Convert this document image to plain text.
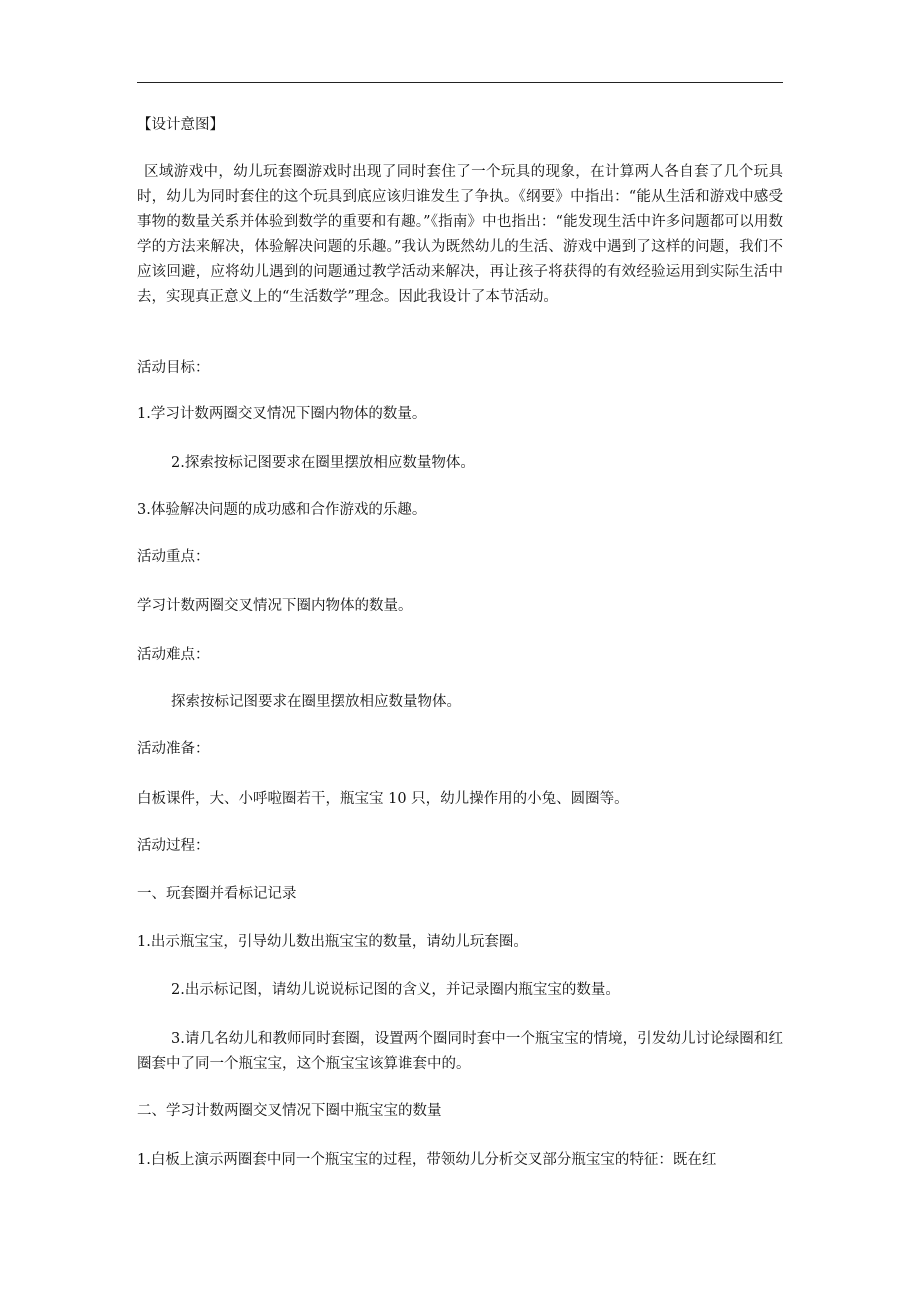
【设计意图】

区域游戏中，幼儿玩套圈游戏时出现了同时套住了一个玩具的现象，在计算两人各自套了几个玩具时，幼儿为同时套住的这个玩具到底应该归谁发生了争执。《纲要》中指出：“能从生活和游戏中感受事物的数量关系并体验到数学的重要和有趣。”《指南》中也指出：“能发现生活中许多问题都可以用数学的方法来解决，体验解决问题的乐趣。”我认为既然幼儿的生活、游戏中遇到了这样的问题，我们不应该回避，应将幼儿遇到的问题通过教学活动来解决，再让孩子将获得的有效经验运用到实际生活中去，实现真正意义上的“生活数学”理念。因此我设计了本节活动。

活动目标：

1.学习计数两圈交叉情况下圈内物体的数量。

2.探索按标记图要求在圈里摆放相应数量物体。

3.体验解决问题的成功感和合作游戏的乐趣。

活动重点：

学习计数两圈交叉情况下圈内物体的数量。

活动难点：

探索按标记图要求在圈里摆放相应数量物体。

活动准备：

白板课件，大、小呼啦圈若干，瓶宝宝 10 只，幼儿操作用的小兔、圆圈等。

活动过程：

一、玩套圈并看标记记录

1.出示瓶宝宝，引导幼儿数出瓶宝宝的数量，请幼儿玩套圈。

2.出示标记图，请幼儿说说标记图的含义，并记录圈内瓶宝宝的数量。

3.请几名幼儿和教师同时套圈，设置两个圈同时套中一个瓶宝宝的情境，引发幼儿讨论绿圈和红圈套中了同一个瓶宝宝，这个瓶宝宝该算谁套中的。

二、学习计数两圈交叉情况下圈中瓶宝宝的数量

1.白板上演示两圈套中同一个瓶宝宝的过程，带领幼儿分析交叉部分瓶宝宝的特征：既在红
